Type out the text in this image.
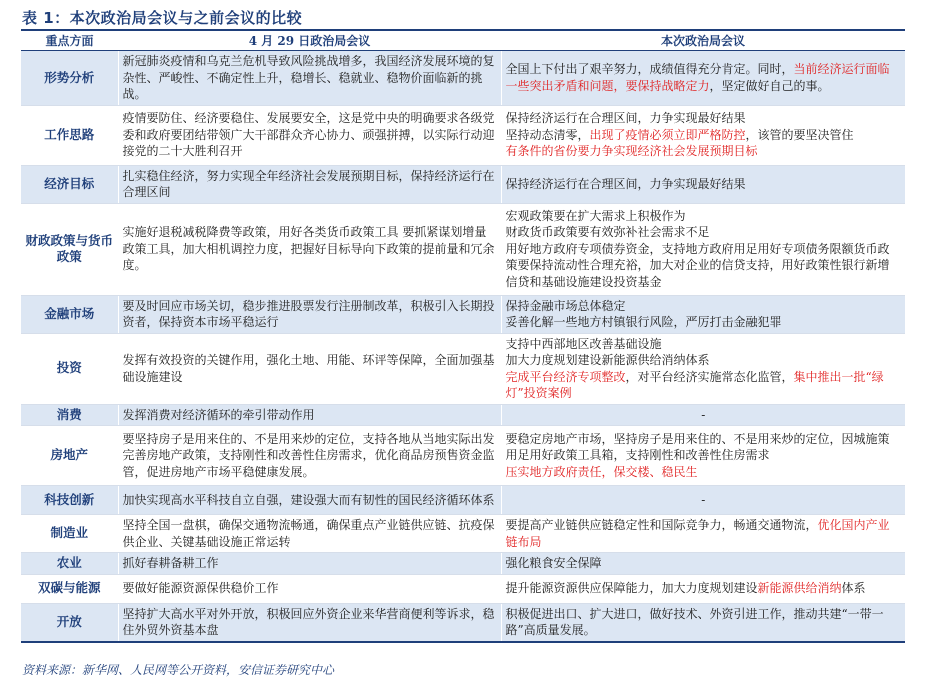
表 1：本次政治局会议与之前会议的比较
重点方面	4 月 29 日政治局会议	本次政治局会议
形势分析	新冠肺炎疫情和乌克兰危机导致风险挑战增多，我国经济发展环境的复杂性、严峻性、不确定性上升，稳增长、稳就业、稳物价面临新的挑战。	全国上下付出了艰辛努力，成绩值得充分肯定。同时，当前经济运行面临一些突出矛盾和问题，要保持战略定力，坚定做好自己的事。
工作思路	疫情要防住、经济要稳住、发展要安全，这是党中央的明确要求各级党委和政府要团结带领广大干部群众齐心协力、顽强拼搏，以实际行动迎接党的二十大胜利召开	保持经济运行在合理区间，力争实现最好结果
坚持动态清零，出现了疫情必须立即严格防控，该管的要坚决管住
有条件的省份要力争实现经济社会发展预期目标
经济目标	扎实稳住经济，努力实现全年经济社会发展预期目标，保持经济运行在合理区间	保持经济运行在合理区间，力争实现最好结果
财政政策与货币政策	实施好退税减税降费等政策，用好各类货币政策工具 要抓紧谋划增量政策工具，加大相机调控力度，把握好目标导向下政策的提前量和冗余度。	宏观政策要在扩大需求上积极作为
财政货币政策要有效弥补社会需求不足
用好地方政府专项债券资金，支持地方政府用足用好专项债务限额货币政策要保持流动性合理充裕，加大对企业的信贷支持，用好政策性银行新增信贷和基础设施建设投资基金
金融市场	要及时回应市场关切，稳步推进股票发行注册制改革，积极引入长期投资者，保持资本市场平稳运行	保持金融市场总体稳定
妥善化解一些地方村镇银行风险，严厉打击金融犯罪
投资	发挥有效投资的关键作用，强化土地、用能、环评等保障，全面加强基础设施建设	支持中西部地区改善基础设施
加大力度规划建设新能源供给消纳体系
完成平台经济专项整改，对平台经济实施常态化监管，集中推出一批“绿灯”投资案例
消费	发挥消费对经济循环的牵引带动作用	-
房地产	要坚持房子是用来住的、不是用来炒的定位，支持各地从当地实际出发完善房地产政策，支持刚性和改善性住房需求，优化商品房预售资金监管，促进房地产市场平稳健康发展。	要稳定房地产市场，坚持房子是用来住的、不是用来炒的定位，因城施策用足用好政策工具箱，支持刚性和改善性住房需求
压实地方政府责任，保交楼、稳民生
科技创新	加快实现高水平科技自立自强，建设强大而有韧性的国民经济循环体系	-
制造业	坚持全国一盘棋，确保交通物流畅通，确保重点产业链供应链、抗疫保供企业、关键基础设施正常运转	要提高产业链供应链稳定性和国际竞争力，畅通交通物流，优化国内产业链布局
农业	抓好春耕备耕工作	强化粮食安全保障
双碳与能源	要做好能源资源保供稳价工作	提升能源资源供应保障能力，加大力度规划建设新能源供给消纳体系
开放	坚持扩大高水平对外开放，积极回应外资企业来华营商便利等诉求，稳住外贸外资基本盘	积极促进出口、扩大进口，做好技术、外资引进工作，推动共建“一带一路”高质量发展。
资料来源：新华网、人民网等公开资料，安信证券研究中心
